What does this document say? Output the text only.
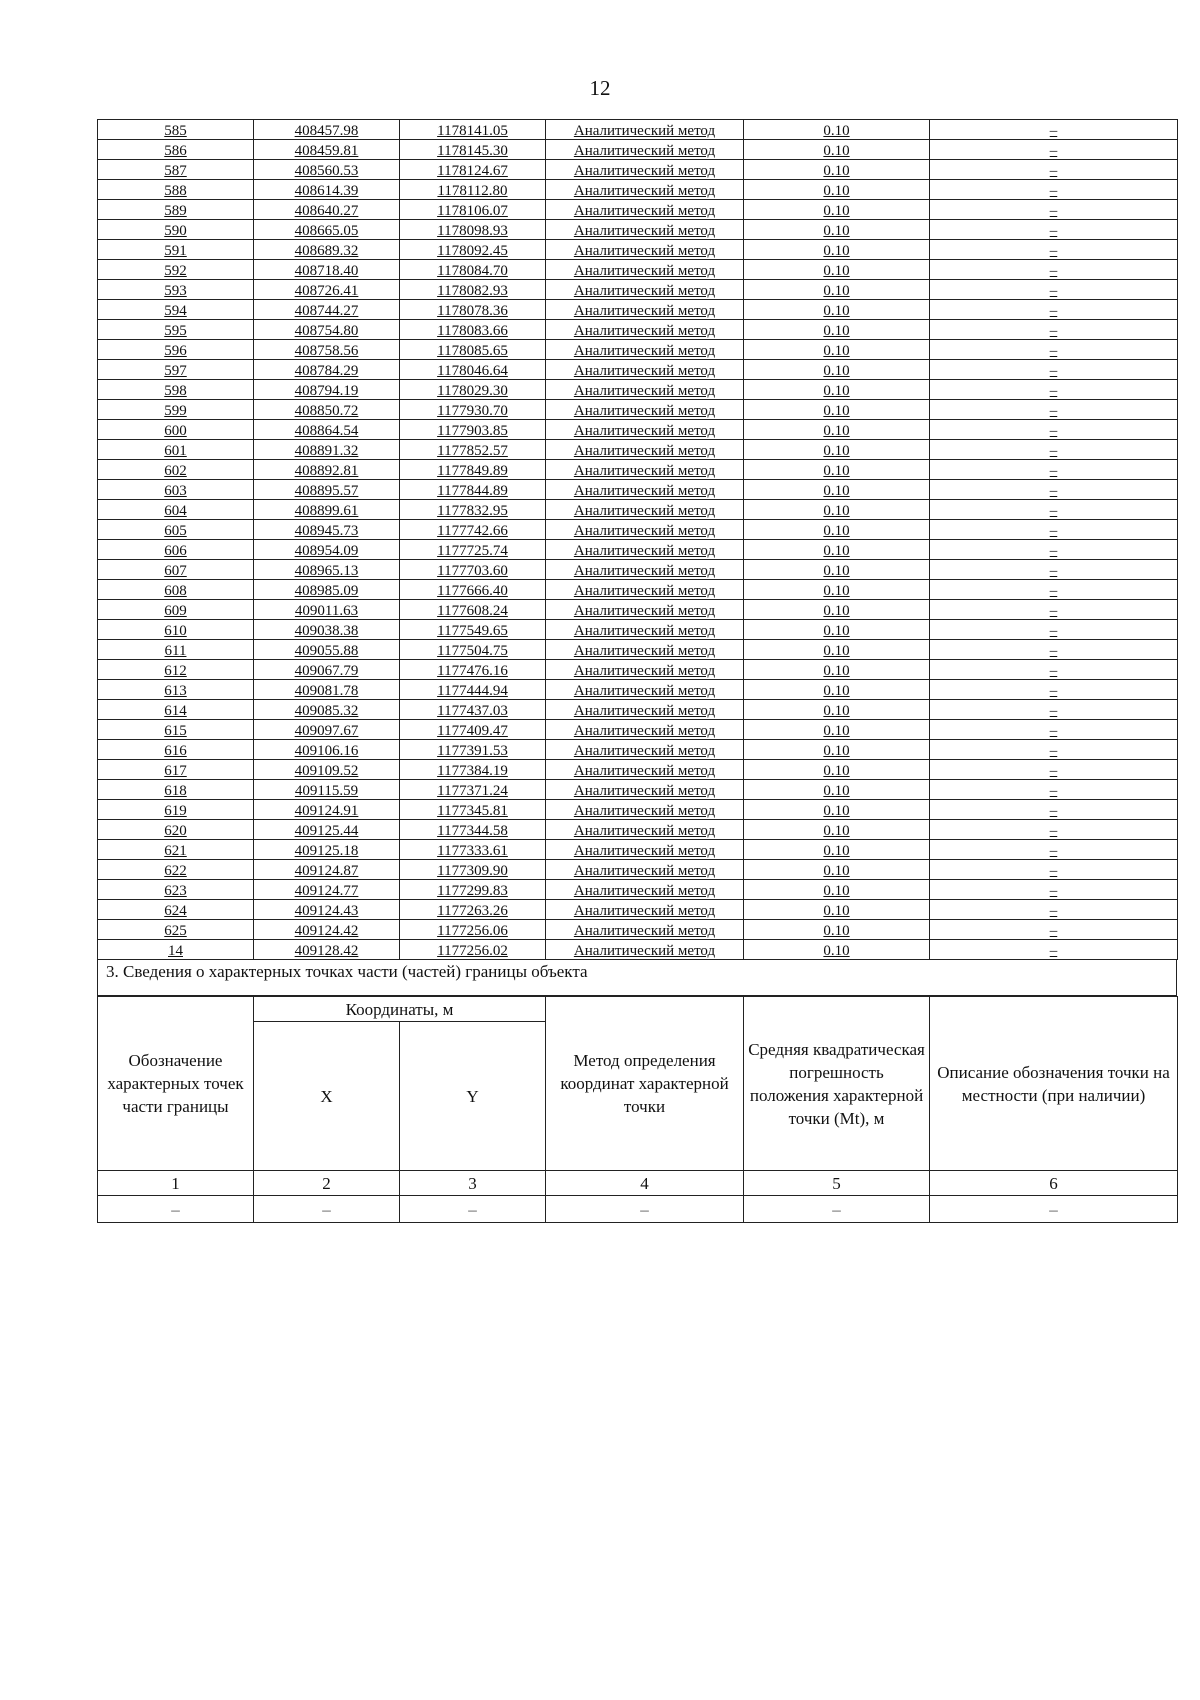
12
585	408457.98	1178141.05	Аналитический метод	0.10	–
586	408459.81	1178145.30	Аналитический метод	0.10	–
587	408560.53	1178124.67	Аналитический метод	0.10	–
588	408614.39	1178112.80	Аналитический метод	0.10	–
589	408640.27	1178106.07	Аналитический метод	0.10	–
590	408665.05	1178098.93	Аналитический метод	0.10	–
591	408689.32	1178092.45	Аналитический метод	0.10	–
592	408718.40	1178084.70	Аналитический метод	0.10	–
593	408726.41	1178082.93	Аналитический метод	0.10	–
594	408744.27	1178078.36	Аналитический метод	0.10	–
595	408754.80	1178083.66	Аналитический метод	0.10	–
596	408758.56	1178085.65	Аналитический метод	0.10	–
597	408784.29	1178046.64	Аналитический метод	0.10	–
598	408794.19	1178029.30	Аналитический метод	0.10	–
599	408850.72	1177930.70	Аналитический метод	0.10	–
600	408864.54	1177903.85	Аналитический метод	0.10	–
601	408891.32	1177852.57	Аналитический метод	0.10	–
602	408892.81	1177849.89	Аналитический метод	0.10	–
603	408895.57	1177844.89	Аналитический метод	0.10	–
604	408899.61	1177832.95	Аналитический метод	0.10	–
605	408945.73	1177742.66	Аналитический метод	0.10	–
606	408954.09	1177725.74	Аналитический метод	0.10	–
607	408965.13	1177703.60	Аналитический метод	0.10	–
608	408985.09	1177666.40	Аналитический метод	0.10	–
609	409011.63	1177608.24	Аналитический метод	0.10	–
610	409038.38	1177549.65	Аналитический метод	0.10	–
611	409055.88	1177504.75	Аналитический метод	0.10	–
612	409067.79	1177476.16	Аналитический метод	0.10	–
613	409081.78	1177444.94	Аналитический метод	0.10	–
614	409085.32	1177437.03	Аналитический метод	0.10	–
615	409097.67	1177409.47	Аналитический метод	0.10	–
616	409106.16	1177391.53	Аналитический метод	0.10	–
617	409109.52	1177384.19	Аналитический метод	0.10	–
618	409115.59	1177371.24	Аналитический метод	0.10	–
619	409124.91	1177345.81	Аналитический метод	0.10	–
620	409125.44	1177344.58	Аналитический метод	0.10	–
621	409125.18	1177333.61	Аналитический метод	0.10	–
622	409124.87	1177309.90	Аналитический метод	0.10	–
623	409124.77	1177299.83	Аналитический метод	0.10	–
624	409124.43	1177263.26	Аналитический метод	0.10	–
625	409124.42	1177256.06	Аналитический метод	0.10	–
14	409128.42	1177256.02	Аналитический метод	0.10	–
3. Сведения о характерных точках части (частей) границы объекта
Обозначение характерных точек части границы	Координаты, м		Метод определения координат характерной точки	Средняя квадратическая погрешность положения характерной точки (Mt), м	Описание обозначения точки на местности (при наличии)
	X	Y			
1	2	3	4	5	6
–	–	–	–	–	–
